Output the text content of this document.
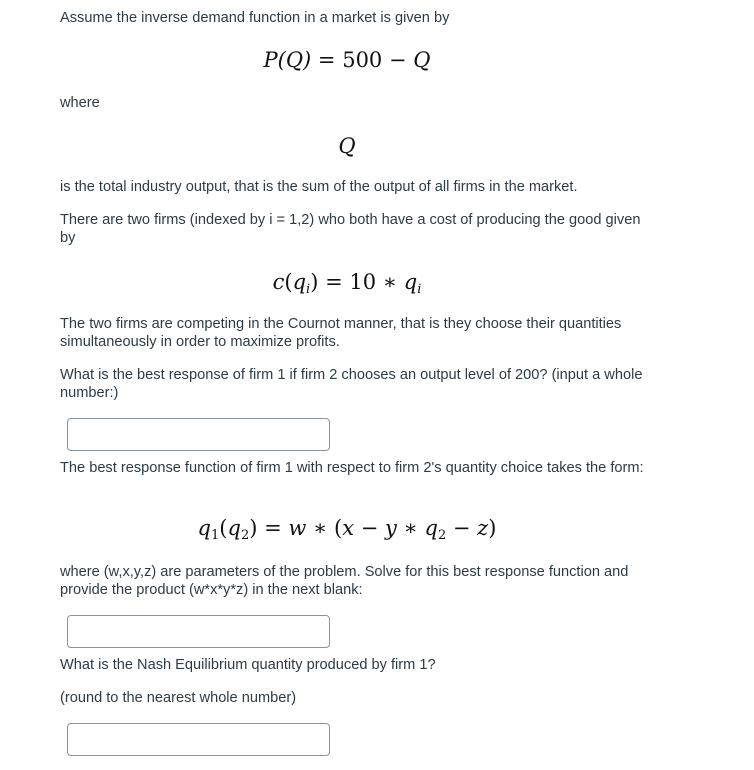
Assume the inverse demand function in a market is given by

P(Q) = 500 − Q

where

Q

is the total industry output, that is the sum of the output of all firms in the market.

There are two firms (indexed by i = 1,2) who both have a cost of producing the good given by

$c(q_i) = 10$ ∗ $q_i$

The two firms are competing in the Cournot manner, that is they choose their quantities simultaneously in order to maximize profits.

What is the best response of firm 1 if firm 2 chooses an output level of 200? (input a whole number:)

The best response function of firm 1 with respect to firm 2's quantity choice takes the form:

$q_1(q_2) = w$ ∗ (x − y ∗ $q_2 - z$)

where (w,x,y,z) are parameters of the problem. Solve for this best response function and provide the product (w*x*y*z) in the next blank:

What is the Nash Equilibrium quantity produced by firm 1?

(round to the nearest whole number)
